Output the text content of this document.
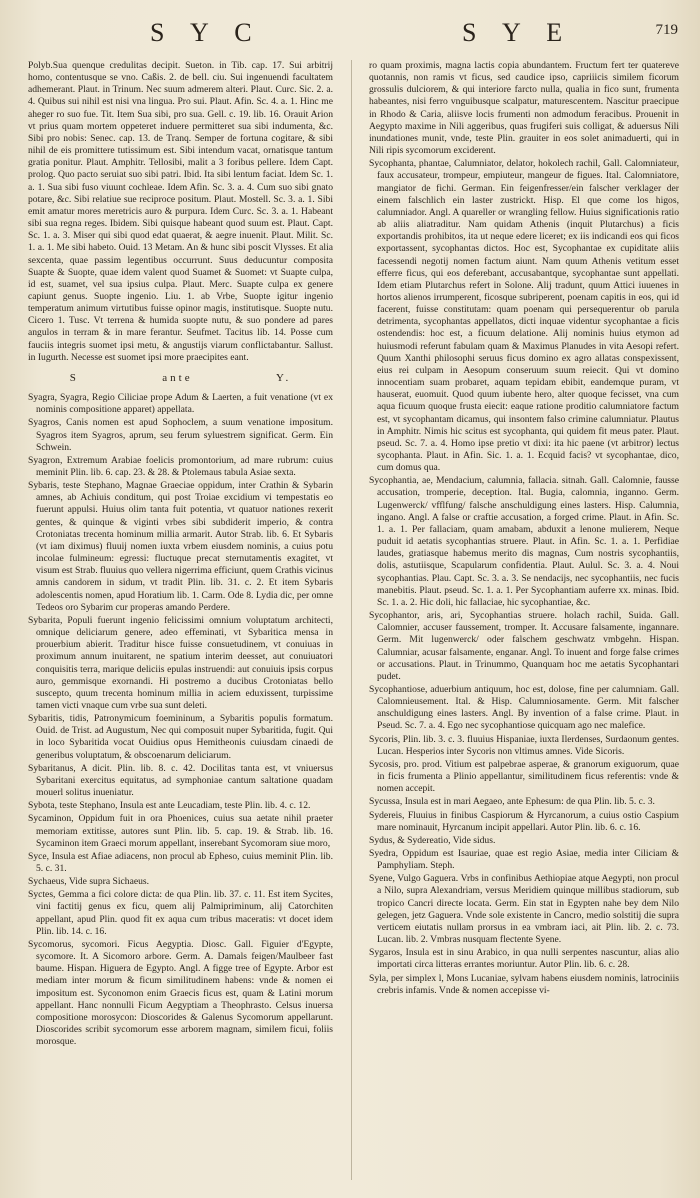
S Y C	S Y E	719

Polyb.Sua quenque credulitas decipit. Sueton. in Tib. cap. 17. Sui arbitrij homo, contentusque se vno. Caßis. 2. de bell. ciu. Sui ingenuendi facultatem adhemerant. Plaut. in Trinum. Nec suum admerem alteri. Plaut. Curc. Sic. 2. a. 4. Quibus sui nihil est nisi vna lingua. Pro sui. Plaut. Afin. Sc. 4. a. 1. Hinc me aheger ro suo fue. Tit. Item Sua sibi, pro sua. Gell. c. 19. lib. 16. Orauit Arion vt prius quam mortem oppeteret induere permitteret sua sibi indumenta, &c. Sibi pro nobis: Senec. cap. 13. de Tranq. Semper de fortuna cogitare, & sibi nihil de eis promittere tutissimum est. Sibi intendum vacat, ornatisque tantum gratia ponitur. Plaut. Amphitr. Tellosibi, malit a 3 foribus pellere. Idem Capt. prolog. Quo pacto seruiat suo sibi patri. Ibid. Ita sibi lentum faciat. Idem Sc. 1. a. 1. Sua sibi fuso viuunt cochleae. Idem Afin. Sc. 3. a. 4. Cum suo sibi gnato potare, &c. Sibi relatiue sue reciproce positum. Plaut. Mostell. Sc. 3. a. 1. Sibi emit amatur mores meretricis auro & purpura. Idem Curc. Sc. 3. a. 1. Habeant sibi sua regna reges. Ibidem. Sibi quisque habeant quod suum est. Plaut. Capt. Sc. 1. a. 3. Miser qui sibi quod edat quaerat, & aegre inuenit. Plaut. Milit. Sc. 1. a. 1. Me sibi habeto. Ouid. 13 Metam. An & hunc sibi poscit Vlysses. Et alia sexcenta, quae passim legentibus occurrunt. Suus deducuntur composita Suapte & Suopte, quae idem valent quod Suamet & Suomet: vt Suapte culpa, id est, suamet, vel sua ipsius culpa. Plaut. Merc. Suapte culpa ex genere capiunt genus. Suopte ingenio. Liu. 1. ab Vrbe, Suopte igitur ingenio temperatum animum virtutibus fuisse opinor magis, institutisque. Suopte nutu. Cicero 1. Tusc. Vt terrena & humida suopte nutu, & suo pondere ad pares angulos in terram & in mare ferantur. Seufmet. Tacitus lib. 14. Posse cum fauciis integris suomet ipsi metu, & angustijs viarum conflictabantur. Sallust. in Iugurth. Necesse est suomet ipsi more praecipites eant.

S	ante	Y.

Syagra, Syagra, Regio Ciliciae prope Adum & Laerten, a fuit venatione (vt ex nominis compositione apparet) appellata.

Syagros, Canis nomen est apud Sophoclem, a suum venatione impositum. Syagros item Syagros, aprum, seu ferum syluestrem significat. Germ. Ein Schwein.

Syagron, Extremum Arabiae foelicis promontorium, ad mare rubrum: cuius meminit Plin. lib. 6. cap. 23. & 28. & Ptolemaus tabula Asiae sexta.

Sybaris, teste Stephano, Magnae Graeciae oppidum, inter Crathin & Sybarin amnes, ab Achiuis conditum, qui post Troiae excidium vi tempestatis eo fuerunt appulsi. Huius olim tanta fuit potentia, vt quatuor nationes rexerit gentes, & quinque & viginti vrbes sibi subdiderit imperio, & contra Crotoniatas trecenta hominum millia armarit. Autor Strab. lib. 6. Et Sybaris (vt iam diximus) fluuij nomen iuxta vrbem eiusdem nominis, a cuius potu incolae fulmineum: egressi: fluctuque precat sternutamentis exagitet, vt visum est Strab. fluuius quo vellera nigerrima efficiunt, quem Crathis vicinus amnis candorem in sidum, vt tradit Plin. lib. 31. c. 2. Et item Sybaris adolescentis nomen, apud Horatium lib. 1. Carm. Ode 8. Lydia dic, per omne Tedeos oro Sybarim cur properas amando Perdere.

Sybarita, Populi fuerunt ingenio felicissimi omnium voluptatum architecti, omnique deliciarum genere, adeo effeminati, vt Sybaritica mensa in prouerbium abierit. Traditur hisce fuisse consuetudinem, vt conuiuas in proximum annum inuitarent, ne spatium interim deesset, aut conuiuatori conquisitis terra, marique deliciis epulas instruendi: aut conuiuis ipsis corpus auro, gemmisque exornandi. Hi postremo a ducibus Crotoniatas bello suscepto, quum trecenta hominum millia in aciem eduxissent, turpissime tamen victi vnaque cum vrbe sua sunt deleti.

Sybaritis, tidis, Patronymicum foemininum, a Sybaritis populis formatum. Ouid. de Trist. ad Augustum, Nec qui composuit nuper Sybaritida, fugit. Qui in loco Sybaritida vocat Ouidius opus Hemitheonis cuiusdam cinaedi de generibus voluptatum, & obscoenarum deliciarum.

Sybaritanus, A dicit. Plin. lib. 8. c. 42. Docilitas tanta est, vt vniuersus Sybaritani exercitus equitatus, ad symphoniae cantum saltatione quadam mouerl solitus inueniatur.

Sybota, teste Stephano, Insula est ante Leucadiam, teste Plin. lib. 4. c. 12.

Sycaminon, Oppidum fuit in ora Phoenices, cuius sua aetate nihil praeter memoriam extitisse, autores sunt Plin. lib. 5. cap. 19. & Strab. lib. 16. Sycaminon item Graeci morum appellant, inserebant Sycomoram siue moro,

Syce, Insula est Afiae adiacens, non procul ab Epheso, cuius meminit Plin. lib. 5. c. 31.

Sychaeus, Vide supra Sichaeus.

Syctes, Gemma a fici colore dicta: de qua Plin. lib. 37. c. 11. Est item Sycites, vini factitij genus ex ficu, quem alij Palmipriminum, alij Catorchiten appellant, apud Plin. quod fit ex aqua cum tribus maceratis: vt docet idem Plin. lib. 14. c. 16.

Sycomorus, sycomori. Ficus Aegyptia. Diosc. Gall. Figuier d'Egypte, sycomore. It. A Sicomoro arbore. Germ. A. Damals feigen/Maulbeer fast baume. Hispan. Higuera de Egypto. Angl. A figge tree of Egypte. Arbor est mediam inter morum & ficum similitudinem habens: vnde & nomen ei impositum est. Syconomon enim Graecis ficus est, quam & Latini morum appellant. Hanc nonnulli Ficum Aegyptiam a Theophrasto. Celsus inuersa compositione morosycon: Dioscorides & Galenus Sycomorum appellarunt. Dioscorides scribit sycomorum esse arborem magnam, similem ficui, foliis morosque.

ro quam proximis, magna lactis copia abundantem. Fructum fert ter quatereve quotannis, non ramis vt ficus, sed caudice ipso, capriiicis similem ficorum grossulis dulciorem, & qui interiore farcto nulla, qualia in fico sunt, frumenta habeantes, nisi ferro vnguibusque scalpatur, maturescentem. Nascitur praecipue in Rhodo & Caria, aliisve locis frumenti non admodum feracibus. Prouenit in Aegypto maxime in Nili aggeribus, quas frugiferi suis colligat, & aduersus Nili inundationes munit, vnde, teste Plin. grauiter in eos solet animaduerti, qui in Nili ripis sycomorum exciderent.

Sycophanta, phantae, Calumniator, delator, hokolech rachil, Gall. Calomniateur, faux accusateur, trompeur, empiuteur, mangeur de figues. Ital. Calomniatore, mangiator de fichi. German. Ein feigenfresser/ein falscher verklager der einem falschlich ein laster zustrickt. Hisp. El que come los higos, calumniador. Angl. A quareller or wrangling fellow. Huius significationis ratio ab aliis aliatraditur. Nam quidam Athenis (inquit Plutarchus) a ficis exportandis prohibitos, ita ut neque edere liceret; ex iis indicandi eos qui ficos exportassent, sycophantas dictos. Hoc est, Sycophantae ex cupiditate aliis facessendi negotij nomen factum aiunt. Nam quum Athenis vetitum esset efferre ficus, qui eos deferebant, accusabantque, sycophantae sunt appellati. Idem etiam Plutarchus refert in Solone. Alij tradunt, quum Attici iuuenes in hortos alienos irrumperent, ficosque subriperent, poenam capitis in eos, qui id facerent, fuisse constitutam: quam poenam qui persequerentur ob parula detrimenta, sycophantas appellatos, dicti inquae videntur sycophantae a ficis ostendendis: hoc est, a ficuum delatione. Alij nominis huius etymon ad huiusmodi referunt fabulam quam & Maximus Planudes in vita Aesopi refert. Quum Xanthi philosophi seruus ficus domino ex agro allatas conspexissent, eius rei culpam in Aesopum conseruum suum reiecit. Qui vt domino innocentiam suam probaret, aquam tepidam ebibit, eandemque puram, vt hauserat, euomuit. Quod quum iubente hero, alter quoque fecisset, vna cum aqua ficuum quoque frusta eiecit: eaque ratione proditio calumniatore factum est, vt sycophantam dicamus, qui insontem falso crimine calumniatur. Plautus in Amphitr. Nimis hic scitus est sycophanta, qui quidem fit meus pater. Plaut. pseud. Sc. 7. a. 4. Homo ipse pretio vt dixi: ita hic paene (vt arbitror) lectus sycophanta. Plaut. in Afin. Sic. 1. a. 1. Ecquid facis? vt sycophantae, dico, cum domus qua.

Sycophantia, ae, Mendacium, calumnia, fallacia. sitnah. Gall. Calomnie, fausse accusation, tromperie, deception. Ital. Bugia, calomnia, inganno. Germ. Lugenwerck/ vfflfung/ falsche anschuldigung eines lasters. Hisp. Calumnia, ingano. Angl. A false or craftie accusation, a forged crime. Plaut. in Afin. Sc. 1. a. 1. Per fallaciam, quam amabam, abduxit a lenone mulierem, Neque puduit id aetatis sycophantias struere. Plaut. in Afin. Sc. 1. a. 1. Perfidiae laudes, gratiasque habemus merito dis magnas, Cum nostris sycophantiis, dolis, astutiisque, Scapularum confidentia. Plaut. Aulul. Sc. 3. a. 4. Noui sycophantias. Plau. Capt. Sc. 3. a. 3. Se nendacijs, nec sycophantiis, nec fucis manebitis. Plaut. pseud. Sc. 1. a. 1. Per Sycophantiam auferre xx. minas. Ibid. Sc. 1. a. 2. Hic doli, hic fallaciae, hic sycophantiae, &c.

Sycophantor, aris, ari, Sycophantias struere. holach rachil, Suida. Gall. Calomnier, accuser faussement, tromper. It. Accusare falsamente, ingannare. Germ. Mit lugenwerck/ oder falschem geschwatz vmbgehn. Hispan. Calumniar, acusar falsamente, enganar. Angl. To inuent and forge false crimes or accusations. Plaut. in Trinummo, Quanquam hoc me aetatis Sycophantari pudet.

Sycophantiose, aduerbium antiquum, hoc est, dolose, fine per calumniam. Gall. Calomnieusement. Ital. & Hisp. Calumniosamente. Germ. Mit falscher anschuldigung eines lasters. Angl. By invention of a false crime. Plaut. in Pseud. Sc. 7. a. 4. Ego nec sycophantiose quicquam ago nec malefice.

Sycoris, Plin. lib. 3. c. 3. fluuius Hispaniae, iuxta Ilerdenses, Surdaonum gentes. Lucan. Hesperios inter Sycoris non vltimus amnes. Vide Sicoris.

Sycosis, pro. prod. Vitium est palpebrae asperae, & granorum exiguorum, quae in ficis frumenta a Plinio appellantur, similitudinem ficus referentis: vnde & nomen accepit.

Sycussa, Insula est in mari Aegaeo, ante Ephesum: de qua Plin. lib. 5. c. 3.

Sydereis, Fluuius in finibus Caspiorum & Hyrcanorum, a cuius ostio Caspium mare nominauit, Hyrcanum incipit appellari. Autor Plin. lib. 6. c. 16.

Sydus, & Sydereatio, Vide sidus.

Syedra, Oppidum est Isauriae, quae est regio Asiae, media inter Ciliciam & Pamphyliam. Steph.

Syene, Vulgo Gaguera. Vrbs in confinibus Aethiopiae atque Aegypti, non procul a Nilo, supra Alexandriam, versus Meridiem quinque millibus stadiorum, sub tropico Cancri directe locata. Germ. Ein stat in Egypten nahe bey dem Nilo gelegen, jetz Gaguera. Vnde sole existente in Cancro, medio solstitij die supra verticem eiutatis nullam prorsus in ea vmbram iaci, ait Plin. lib. 2. c. 73. Lucan. lib. 2. Vmbras nusquam flectente Syene.

Sygaros, Insula est in sinu Arabico, in qua nulli serpentes nascuntur, alias alio importati circa litteras errantes moriuntur. Autor Plin. lib. 6. c. 28.

Syla, per simplex l, Mons Lucaniae, sylvam habens eiusdem nominis, latrociniis crebris infamis. Vnde & nomen accepisse vi-
